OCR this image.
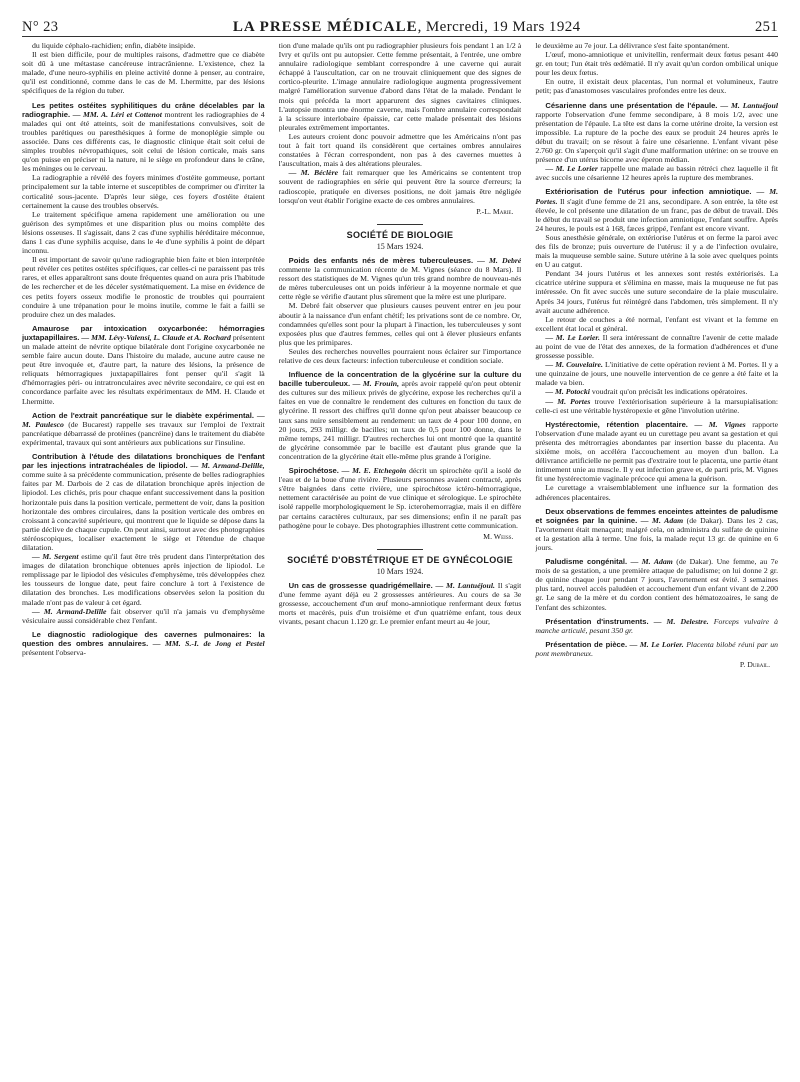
N° 23	LA PRESSE MÉDICALE, Mercredi, 19 Mars 1924	251

du liquide céphalo-rachidien; enfin, diabète insipide.

Il est bien difficile, pour de multiples raisons, d'admettre que ce diabète soit dû à une métastase cancéreuse intracrânienne. L'existence, chez la malade, d'une neuro-syphilis en pleine activité donne à penser, au contraire, qu'il est conditionné, comme dans le cas de M. Lhermitte, par des lésions spécifiques de la région du tuber.

Les petites ostéites syphilitiques du crâne décelables par la radiographie. — MM. A. Léri et Cottenot montrent les radiographies de 4 malades qui ont été atteints, soit de manifestations convulsives, soit de troubles parétiques ou paresthésiques à forme de monoplégie simple ou associée. Dans ces différents cas, le diagnostic clinique était soit celui de simples troubles névropathiques, soit celui de lésion corticale, mais sans qu'on puisse en préciser ni la nature, ni le siège en profondeur dans le crâne, les méninges ou le cerveau.

La radiographie a révélé des foyers minimes d'ostéite gommeuse, portant principalement sur la table interne et susceptibles de comprimer ou d'irriter la corticalité sous-jacente. D'après leur siège, ces foyers d'ostéite étaient certainement la cause des troubles observés.

Le traitement spécifique amena rapidement une amélioration ou une guérison des symptômes et une disparition plus ou moins complète des lésions osseuses. Il s'agissait, dans 2 cas d'une syphilis héréditaire méconnue, dans 1 cas d'une syphilis acquise, dans le 4e d'une syphilis à point de départ inconnu.

Il est important de savoir qu'une radiographie bien faite et bien interprétée peut révéler ces petites ostéites spécifiques, car celles-ci ne paraissent pas très rares, et elles apparaîtront sans doute fréquentes quand on aura pris l'habitude de les rechercher et de les déceler systématiquement. La mise en évidence de ces petits foyers osseux modifie le pronostic de troubles qui pourraient conduire à une trépanation pour le moins inutile, comme le fait a failli se produire chez un des malades.

Amaurose par intoxication oxycarbonée: hémorragies juxtapapillaires. — MM. Lévy-Valensi, L. Claude et A. Rochard présentent un malade atteint de névrite optique bilatérale dont l'origine oxycarbonée ne semble faire aucun doute. Dans l'histoire du malade, aucune autre cause ne peut être invoquée et, d'autre part, la nature des lésions, la présence de reliquats hémorragiques juxtapapillaires font penser qu'il s'agit là d'hémorragies péri- ou intratronculaires avec névrite secondaire, ce qui est en concordance parfaite avec les résultats expérimentaux de MM. H. Claude et Lhermitte.

Action de l'extrait pancréatique sur le diabète expérimental. — M. Paulesco (de Bucarest) rappelle ses travaux sur l'emploi de l'extrait pancréatique débarrassé de protéines (pancréine) dans le traitement du diabète expérimental, travaux qui sont antérieurs aux publications sur l'insuline.

Contribution à l'étude des dilatations bronchiques de l'enfant par les injections intratrachéales de lipiodol. — M. Armand-Delille, comme suite à sa précédente communication, présente de belles radiographies faites par M. Darbois de 2 cas de dilatation bronchique après injection de lipiodol. Les clichés, pris pour chaque enfant successivement dans la position horizontale puis dans la position verticale, permettent de voir, dans la position horizontale des ombres circulaires, dans la position verticale des ombres en croissant à concavité supérieure, qui montrent que le liquide se dépose dans la partie déclive de chaque cupule. On peut ainsi, surtout avec des photographies stéréoscopiques, localiser exactement le siège et l'étendue de chaque dilatation.

— M. Sergent estime qu'il faut être très prudent dans l'interprétation des images de dilatation bronchique obtenues après injection de lipiodol. Le remplissage par le lipiodol des vésicules d'emphysème, très développées chez les tousseurs de longue date, peut faire conclure à tort à l'existence de dilatation des bronches. Les modifications observées selon la position du malade n'ont pas de valeur à cet égard.

— M. Armand-Delille fait observer qu'il n'a jamais vu d'emphysème vésiculaire aussi considérable chez l'enfant.

Le diagnostic radiologique des cavernes pulmonaires: la question des ombres annulaires. — MM. S.-I. de Jong et Pestel présentent l'observa-

tion d'une malade qu'ils ont pu radiographier plusieurs fois pendant 1 an 1/2 à Ivry et qu'ils ont pu autopsier. Cette femme présentait, à l'entrée, une ombre annulaire radiologique semblant correspondre à une caverne qui aurait échappé à l'auscultation, car on ne trouvait cliniquement que des signes de cortico-pleurite. L'image annulaire radiologique augmenta progressivement malgré l'amélioration survenue d'abord dans l'état de la malade. Pendant le mois qui précéda la mort apparurent des signes cavitaires cliniques. L'autopsie montra une énorme caverne, mais l'ombre annulaire correspondait à la scissure interlobaire épaissie, car cette malade présentait des lésions pleurales extrêmement importantes.

Les auteurs croient donc pouvoir admettre que les Américains n'ont pas tout à fait tort quand ils considèrent que certaines ombres annulaires constatées à l'écran correspondent, non pas à des cavernes muettes à l'auscultation, mais à des altérations pleurales.

— M. Béclère fait remarquer que les Américains se contentent trop souvent de radiographies en série qui peuvent être la source d'erreurs; la radioscopie, pratiquée en diverses positions, ne doit jamais être négligée lorsqu'on veut établir l'origine exacte de ces ombres annulaires.

P.-L. Marie.
SOCIÉTÉ DE BIOLOGIE
15 Mars 1924.

Poids des enfants nés de mères tuberculeuses. — M. Debré commente la communication récente de M. Vignes (séance du 8 Mars). Il ressort des statistiques de M. Vignes qu'un très grand nombre de nouveau-nés de mères tuberculeuses ont un poids inférieur à la moyenne normale et que cette règle se vérifie d'autant plus sûrement que la mère est une pluripare.

M. Debré fait observer que plusieurs causes peuvent entrer en jeu pour aboutir à la naissance d'un enfant chétif; les privations sont de ce nombre. Or, condamnées qu'elles sont pour la plupart à l'inaction, les tuberculeuses y sont exposées plus que d'autres femmes, celles qui ont à élever plusieurs enfants plus que les primipares.

Seules des recherches nouvelles pourraient nous éclairer sur l'importance relative de ces deux facteurs: infection tuberculeuse et condition sociale.

Influence de la concentration de la glycérine sur la culture du bacille tuberculeux. — M. Frouin, après avoir rappelé qu'on peut obtenir des cultures sur des milieux privés de glycérine, expose les recherches qu'il a faites en vue de connaître le rendement des cultures en fonction du taux de glycérine. Il ressort des chiffres qu'il donne qu'on peut abaisser beaucoup ce taux sans nuire sensiblement au rendement: un taux de 4 pour 100 donne, en 20 jours, 293 milligr. de bacilles; un taux de 0,5 pour 100 donne, dans le même temps, 241 milligr. D'autres recherches lui ont montré que la quantité de glycérine consommée par le bacille est d'autant plus grande que la concentration de la glycérine était elle-même plus grande à l'origine.

Spirochétose. — M. E. Etchegoin décrit un spirochète qu'il a isolé de l'eau et de la boue d'une rivière. Plusieurs personnes avaient contracté, après s'être baignées dans cette rivière, une spirochétose ictéro-hémorragique, nettement caractérisée au point de vue clinique et sérologique. Le spirochète isolé rappelle morphologiquement le Sp. icterohemorragiæ, mais il en diffère par certains caractères culturaux, par ses dimensions; enfin il ne paraît pas pathogène pour le cobaye. Des photographies illustrent cette communication.

M. Weiss.
SOCIÉTÉ D'OBSTÉTRIQUE ET DE GYNÉCOLOGIE
10 Mars 1924.

Un cas de grossesse quadrigémellaire. — M. Lantuéjoul. Il s'agit d'une femme ayant déjà eu 2 grossesses antérieures. Au cours de sa 3e grossesse, accouchement d'un œuf mono-amniotique renfermant deux fœtus morts et macérés, puis d'un troisième et d'un quatrième enfant, tous deux vivants, pesant chacun 1.120 gr. Le premier enfant meurt au 4e jour,

le deuxième au 7e jour. La délivrance s'est faite spontanément.

L'œuf, mono-amniotique et univitellin, renfermait deux fœtus pesant 440 gr. en tout; l'un était très œdématié. Il n'y avait qu'un cordon ombilical unique pour les deux fœtus.

En outre, il existait deux placentas, l'un normal et volumineux, l'autre petit; pas d'anastomoses vasculaires profondes entre les deux.

Césarienne dans une présentation de l'épaule. — M. Lantuéjoul rapporte l'observation d'une femme secondipare, à 8 mois 1/2, avec une présentation de l'épaule. La tête est dans la corne utérine droite, la version est impossible. La rupture de la poche des eaux se produit 24 heures après le début du travail; on se résout à faire une césarienne. L'enfant vivant pèse 2.760 gr. On s'aperçoit qu'il s'agit d'une malformation utérine: on se trouve en présence d'un utérus bicorne avec éperon médian.

— M. Le Lorier rappelle une malade au bassin rétréci chez laquelle il fit avec succès une césarienne 12 heures après la rupture des membranes.

Extériorisation de l'utérus pour infection amniotique. — M. Portes. Il s'agit d'une femme de 21 ans, secondipare. A son entrée, la tête est élevée, le col présente une dilatation de un franc, pas de début de travail. Dès le début du travail se produit une infection amniotique, l'enfant souffre. Après 24 heures, le pouls est à 168, fæces grippé, l'enfant est encore vivant.

Sous anesthésie générale, on extériorise l'utérus et on ferme la paroi avec des fils de bronze; puis ouverture de l'utérus: il y a de l'infection ovulaire, mais la muqueuse semble saine. Suture utérine à la soie avec quelques points en U au catgut.

Pendant 34 jours l'utérus et les annexes sont restés extériorisés. La cicatrice utérine suppura et s'élimina en masse, mais la muqueuse ne fut pas intéressée. On fit avec succès une suture secondaire de la plaie musculaire. Après 34 jours, l'utérus fut réintégré dans l'abdomen, très simplement. Il n'y avait aucune adhérence.

Le retour de couches a été normal, l'enfant est vivant et la femme en excellent état local et général.

— M. Le Lorier. Il sera intéressant de connaître l'avenir de cette malade au point de vue de l'état des annexes, de la formation d'adhérences et d'une grossesse possible.

— M. Couvelaire. L'initiative de cette opération revient à M. Portes. Il y a une quinzaine de jours, une nouvelle intervention de ce genre a été faite et la malade va bien.

— M. Potocki voudrait qu'on précisât les indications opératoires.

— M. Portes trouve l'extériorisation supérieure à la marsupialisation: celle-ci est une véritable hystéropexie et gêne l'involution utérine.

Hystérectomie, rétention placentaire. — M. Vignes rapporte l'observation d'une malade ayant eu un curettage peu avant sa gestation et qui présenta des métrorragies abondantes par insertion basse du placenta. Au sixième mois, on accéléra l'accouchement au moyen d'un ballon. La délivrance artificielle ne permit pas d'extraire tout le placenta, une partie étant intimement unie au muscle. Il y eut infection grave et, de parti pris, M. Vignes fit une hystérectomie vaginale précoce qui amena la guérison.

Le curettage a vraisemblablement une influence sur la formation des adhérences placentaires.

Deux observations de femmes enceintes atteintes de paludisme et soignées par la quinine. — M. Adam (de Dakar). Dans les 2 cas, l'avortement était menaçant; malgré cela, on administra du sulfate de quinine et la gestation alla à terme. Une fois, la malade reçut 13 gr. de quinine en 6 jours.

Paludisme congénital. — M. Adam (de Dakar). Une femme, au 7e mois de sa gestation, a une première attaque de paludisme; on lui donne 2 gr. de quinine chaque jour pendant 7 jours, l'avortement est évité. 3 semaines plus tard, nouvel accès paludéen et accouchement d'un enfant vivant de 2.200 gr. Le sang de la mère et du cordon contient des hématozoaires, le sang de l'enfant des schizontes.

Présentation d'instruments. — M. Delestre. Forceps vulvaire à manche articulé, pesant 350 gr.

Présentation de pièce. — M. Le Lorier. Placenta bilobé réuni par un pont membraneux.

P. Dubail.
